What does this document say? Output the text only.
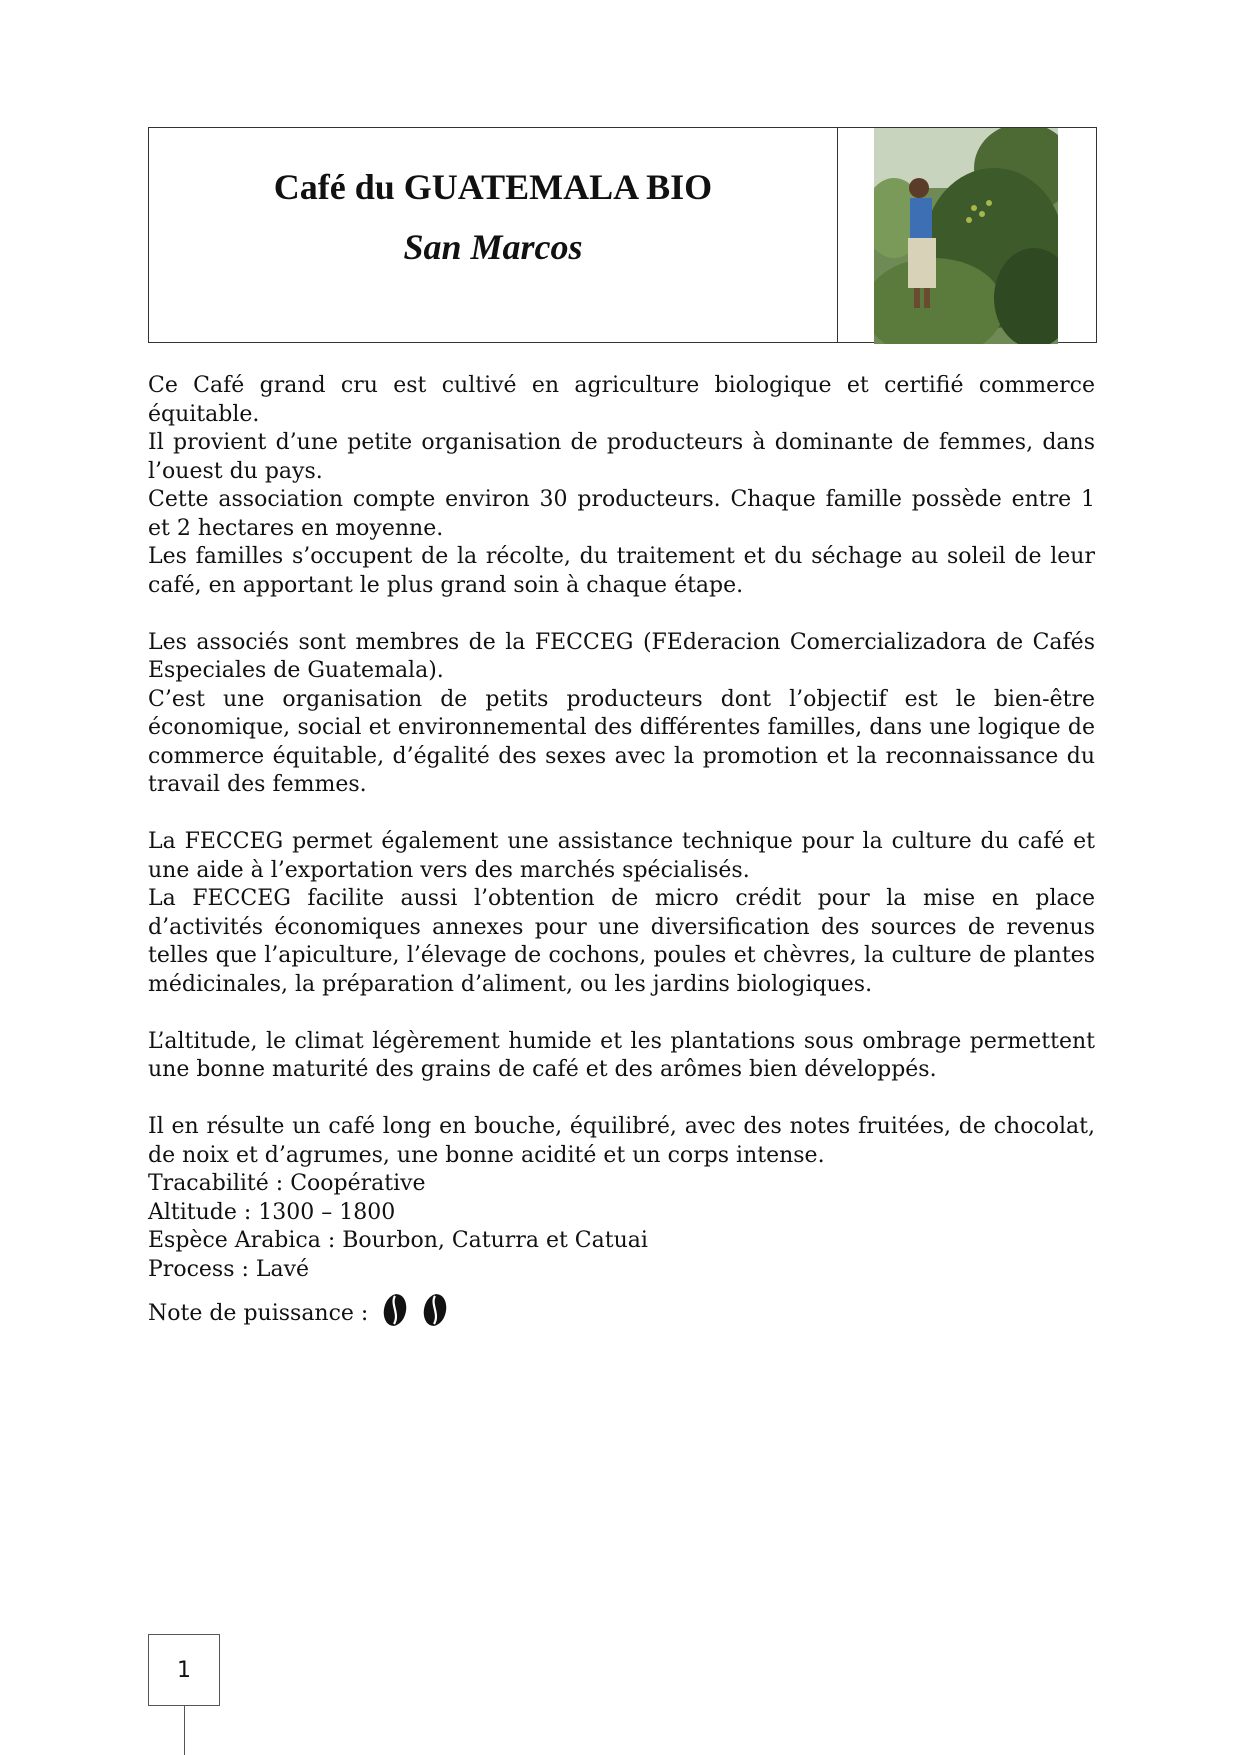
Café du GUATEMALA BIO
San Marcos

Ce Café grand cru est cultivé en agriculture biologique et certifié commerce équitable.

Il provient d’une petite organisation de producteurs à dominante de femmes, dans l’ouest du pays.

Cette association compte environ 30 producteurs. Chaque famille possède entre 1 et 2 hectares en moyenne.

Les familles s’occupent de la récolte, du traitement et du séchage au soleil de leur café, en apportant le plus grand soin à chaque étape.

Les associés sont membres de la FECCEG (FEderacion Comercializadora de Cafés Especiales de Guatemala).

C’est une organisation de petits producteurs dont l’objectif est le bien-être économique, social et environnemental des différentes familles, dans une logique de commerce équitable, d’égalité des sexes avec la promotion et la reconnaissance du travail des femmes.

La FECCEG permet également une assistance technique pour la culture du café et une aide à l’exportation vers des marchés spécialisés.

La FECCEG facilite aussi l’obtention de micro crédit pour la mise en place d’activités économiques annexes pour une diversification des sources de revenus telles que l’apiculture, l’élevage de cochons, poules et chèvres, la culture de plantes médicinales, la préparation d’aliment, ou les jardins biologiques.

L’altitude, le climat légèrement humide et les plantations sous ombrage permettent une bonne maturité des grains de café et des arômes bien développés.

Il en résulte un café long en bouche, équilibré, avec des notes fruitées, de chocolat, de noix et d’agrumes, une bonne acidité et un corps intense.

Tracabilité : Coopérative

Altitude : 1300 – 1800

Espèce Arabica : Bourbon, Caturra et Catuai

Process : Lavé

Note de puissance :

1
